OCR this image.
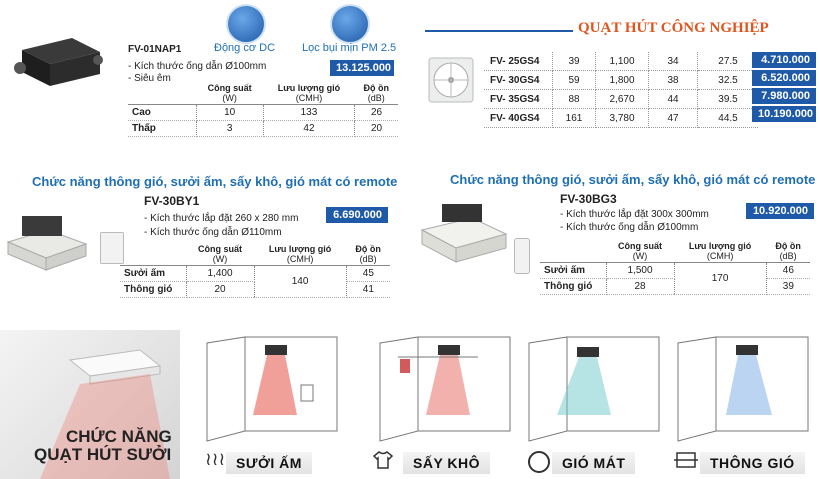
FV-01NAP1
- Kích thước ống dẫn Ø100mm
- Siêu êm
Động cơ DC Lọc bụi mịn PM 2.5
13.125.000
	Công suất
(W)	Lưu lượng gió
(CMH)	Độ ồn
(dB)

Cao	10	133	26
Thấp	3	42	20
QUẠT HÚT CÔNG NGHIỆP
FV- 25GS4	39	1,100	34	27.5
FV- 30GS4	59	1,800	38	32.5
FV- 35GS4	88	2,670	44	39.5
FV- 40GS4	161	3,780	47	44.5
4.710.000
6.520.000
7.980.000
10.190.000
Chức năng thông gió, sưởi ấm, sấy khô, gió mát có remote
FV-30BY1
- Kích thước lắp đặt 260 x 280 mm
- Kích thước ống dẫn Ø110mm
6.690.000
	Công suất
(W)	Lưu lượng gió
(CMH)	Độ ồn
(dB)

Sưởi ấm	1,400	140	45
Thông gió	20		41
Chức năng thông gió, sưởi ấm, sấy khô, gió mát có remote
FV-30BG3
- Kích thước lắp đặt 300x 300mm
- Kích thước ống dẫn Ø100mm
10.920.000
	Công suất
(W)	Lưu lượng gió
(CMH)	Độ ồn
(dB)

Sưởi ấm	1,500	170	46
Thông gió	28		39
CHỨC NĂNG
QUẠT HÚT SƯỞI ≀≀≀ SƯỞI ẤM	SẤY KHÔ	GIÓ MÁT	THÔNG GIÓ
